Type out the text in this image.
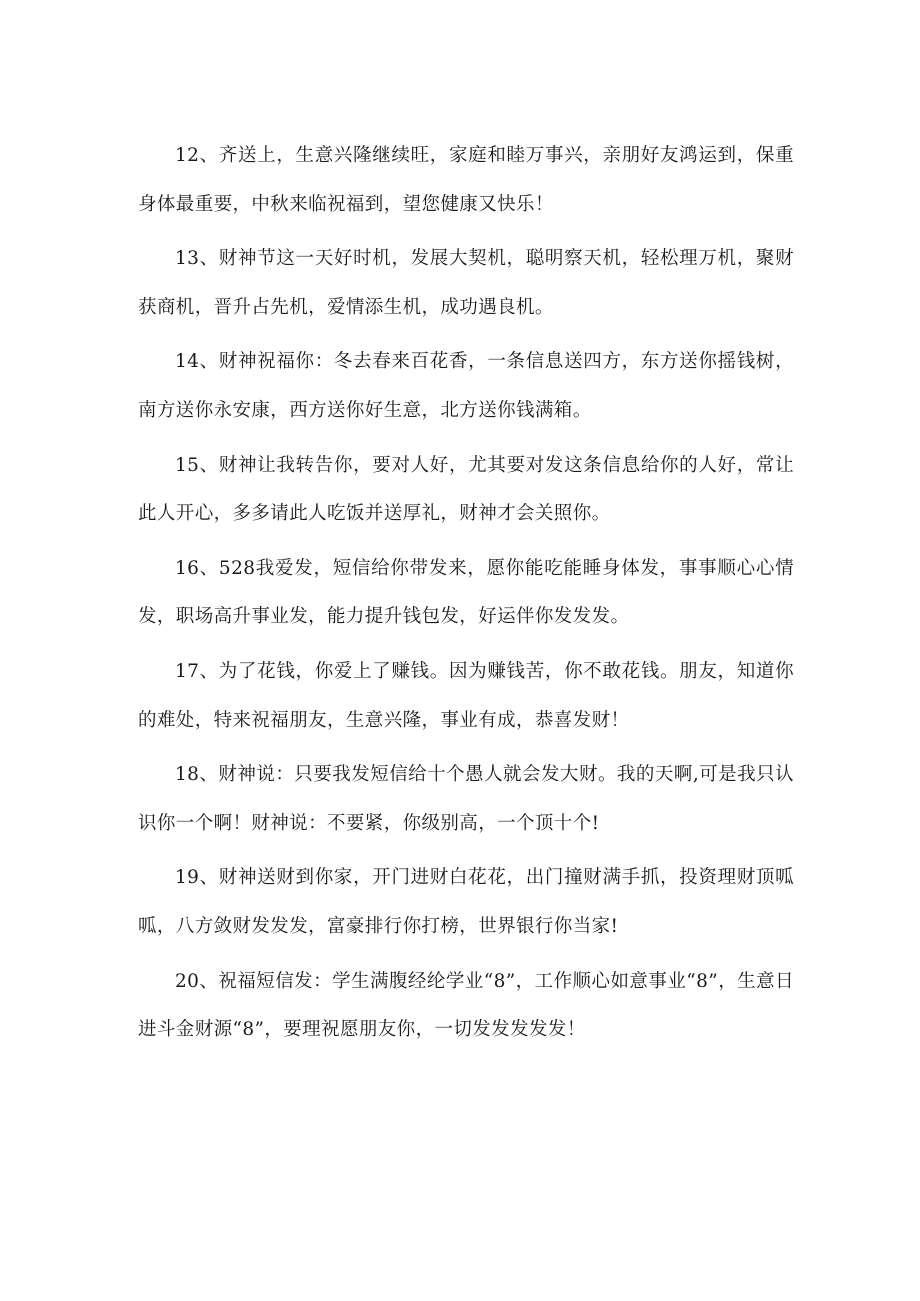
12、齐送上，生意兴隆继续旺，家庭和睦万事兴，亲朋好友鸿运到，保重身体最重要，中秋来临祝福到，望您健康又快乐！

13、财神节这一天好时机，发展大契机，聪明察天机，轻松理万机，聚财获商机，晋升占先机，爱情添生机，成功遇良机。

14、财神祝福你：冬去春来百花香，一条信息送四方，东方送你摇钱树，南方送你永安康，西方送你好生意，北方送你钱满箱。

15、财神让我转告你，要对人好，尤其要对发这条信息给你的人好，常让此人开心，多多请此人吃饭并送厚礼，财神才会关照你。

16、528我爱发，短信给你带发来，愿你能吃能睡身体发，事事顺心心情发，职场高升事业发，能力提升钱包发，好运伴你发发发。

17、为了花钱，你爱上了赚钱。因为赚钱苦，你不敢花钱。朋友，知道你的难处，特来祝福朋友，生意兴隆，事业有成，恭喜发财！

18、财神说：只要我发短信给十个愚人就会发大财。我的天啊,可是我只认识你一个啊！财神说：不要紧，你级别高，一个顶十个!

19、财神送财到你家，开门进财白花花，出门撞财满手抓，投资理财顶呱呱，八方敛财发发发，富豪排行你打榜，世界银行你当家!

20、祝福短信发：学生满腹经纶学业“8”，工作顺心如意事业“8”，生意日进斗金财源“8”，要理祝愿朋友你，一切发发发发发！
